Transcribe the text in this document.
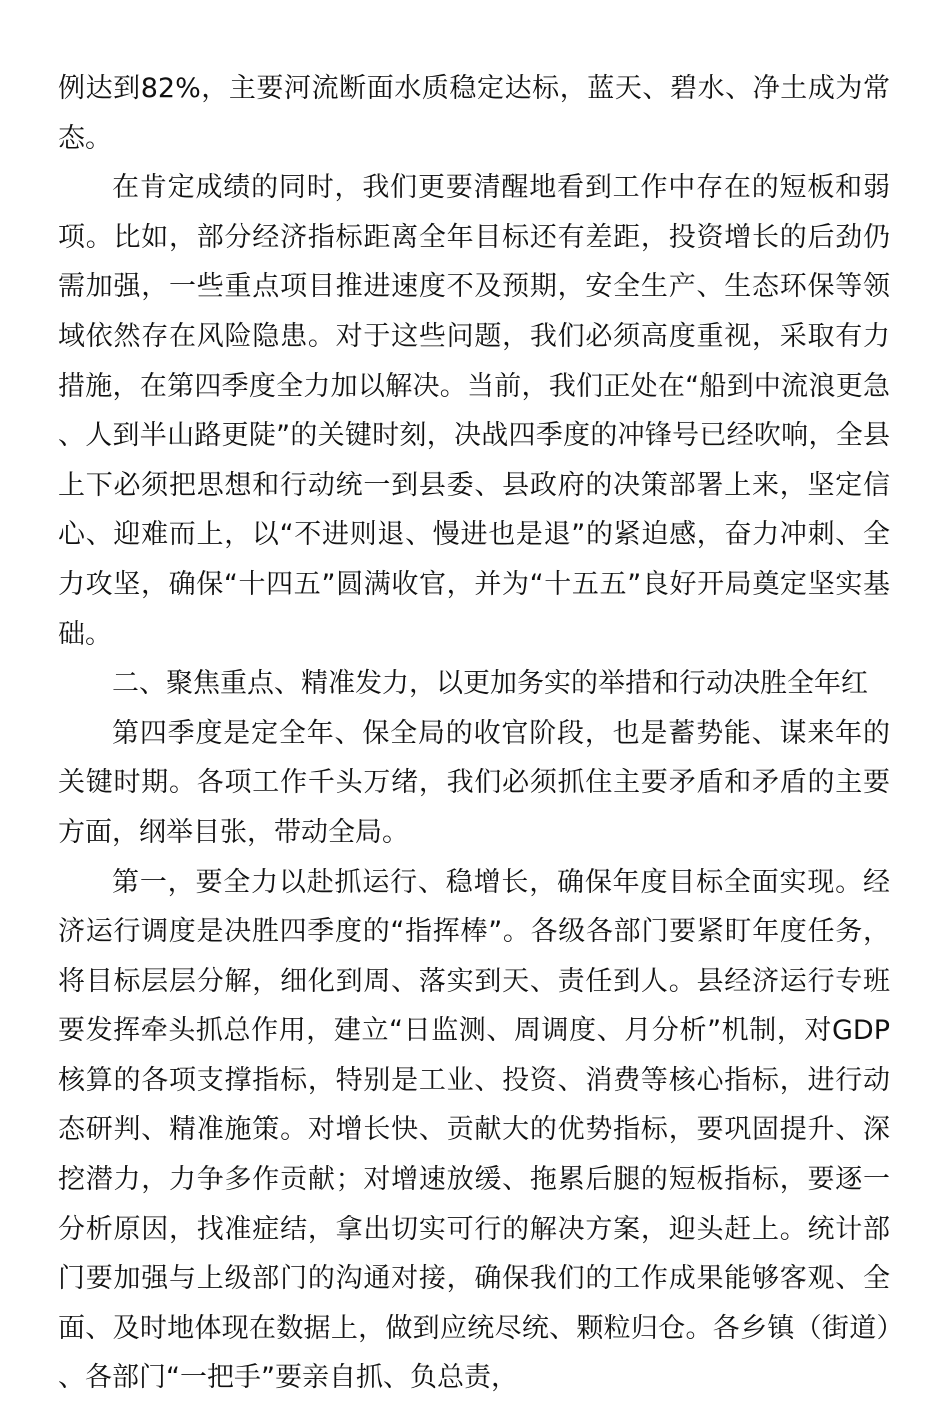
例达到82%，主要河流断面水质稳定达标，蓝天、碧水、净土成为常态。

在肯定成绩的同时，我们更要清醒地看到工作中存在的短板和弱项。比如，部分经济指标距离全年目标还有差距，投资增长的后劲仍需加强，一些重点项目推进速度不及预期，安全生产、生态环保等领域依然存在风险隐患。对于这些问题，我们必须高度重视，采取有力措施，在第四季度全力加以解决。当前，我们正处在“船到中流浪更急、人到半山路更陡”的关键时刻，决战四季度的冲锋号已经吹响，全县上下必须把思想和行动统一到县委、县政府的决策部署上来，坚定信心、迎难而上，以“不进则退、慢进也是退”的紧迫感，奋力冲刺、全力攻坚，确保“十四五”圆满收官，并为“十五五”良好开局奠定坚实基础。

二、聚焦重点、精准发力，以更加务实的举措和行动决胜全年红

第四季度是定全年、保全局的收官阶段，也是蓄势能、谋来年的关键时期。各项工作千头万绪，我们必须抓住主要矛盾和矛盾的主要方面，纲举目张，带动全局。

第一，要全力以赴抓运行、稳增长，确保年度目标全面实现。经济运行调度是决胜四季度的“指挥棒”。各级各部门要紧盯年度任务，将目标层层分解，细化到周、落实到天、责任到人。县经济运行专班要发挥牵头抓总作用，建立“日监测、周调度、月分析”机制，对GDP核算的各项支撑指标，特别是工业、投资、消费等核心指标，进行动态研判、精准施策。对增长快、贡献大的优势指标，要巩固提升、深挖潜力，力争多作贡献；对增速放缓、拖累后腿的短板指标，要逐一分析原因，找准症结，拿出切实可行的解决方案，迎头赶上。统计部门要加强与上级部门的沟通对接，确保我们的工作成果能够客观、全面、及时地体现在数据上，做到应统尽统、颗粒归仓。各乡镇（街道）、各部门“一把手”要亲自抓、负总责，
